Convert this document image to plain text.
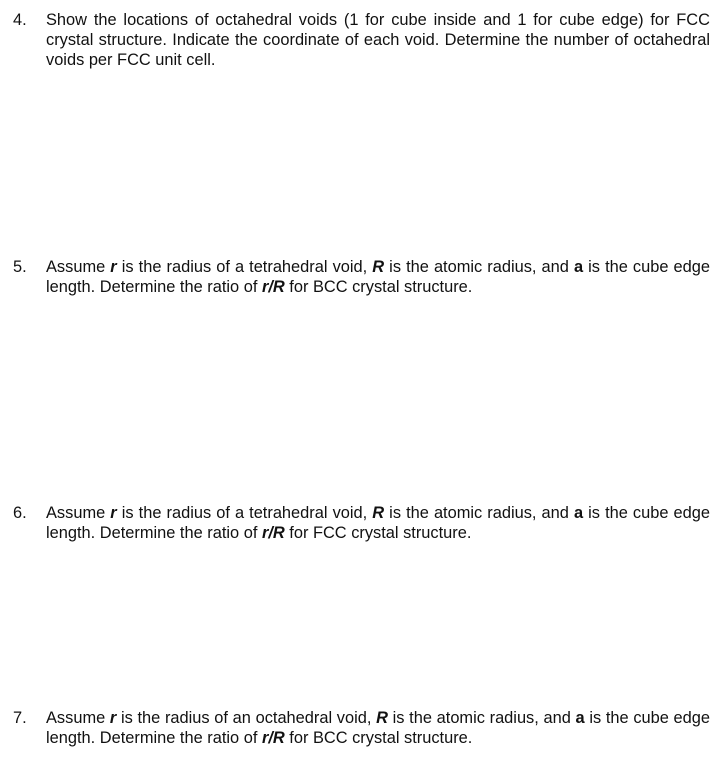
4. Show the locations of octahedral voids (1 for cube inside and 1 for cube edge) for FCC crystal structure. Indicate the coordinate of each void. Determine the number of octahedral voids per FCC unit cell.
5. Assume r is the radius of a tetrahedral void, R is the atomic radius, and a is the cube edge length. Determine the ratio of r/R for BCC crystal structure.
6. Assume r is the radius of a tetrahedral void, R is the atomic radius, and a is the cube edge length. Determine the ratio of r/R for FCC crystal structure.
7. Assume r is the radius of an octahedral void, R is the atomic radius, and a is the cube edge length. Determine the ratio of r/R for BCC crystal structure.
